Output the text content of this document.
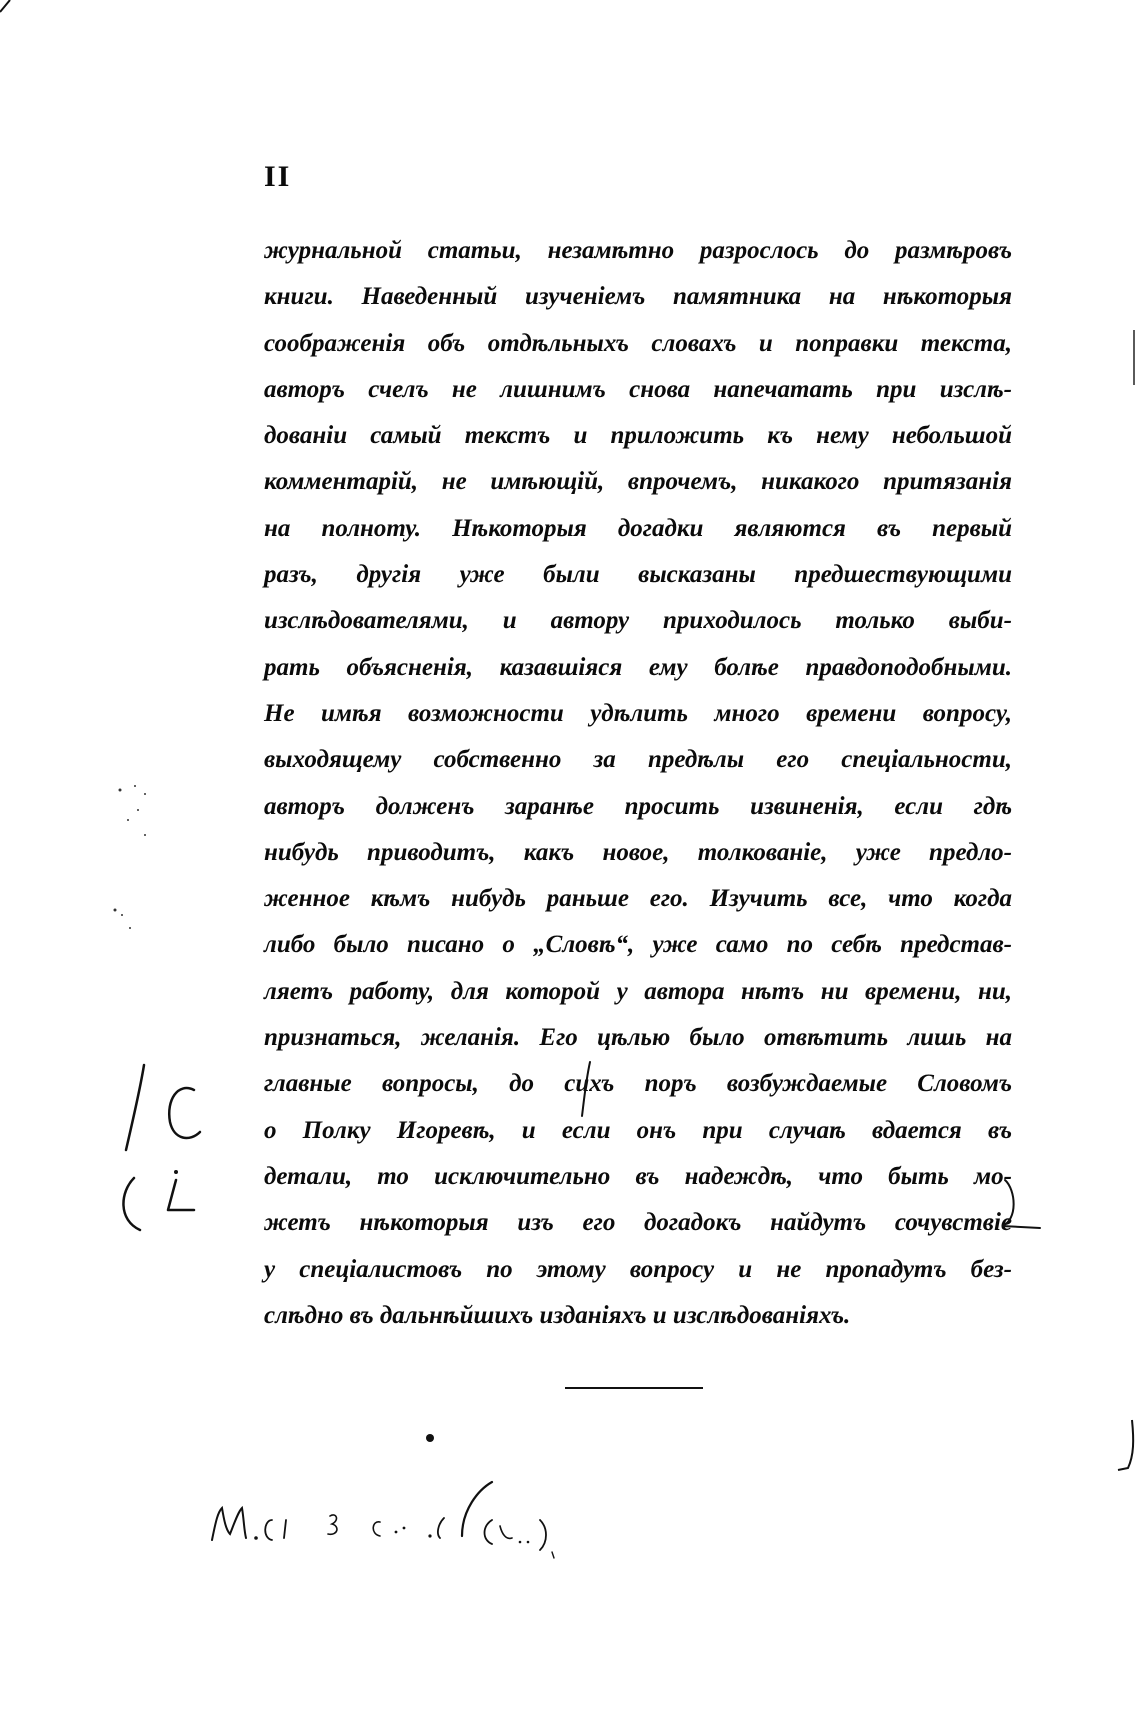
II
журнальной статьи, незамѣтно разрослось до размѣровъ
книги. Наведенный изученіемъ памятника на нѣкоторыя
соображенія объ отдѣльныхъ словахъ и поправки текста,
авторъ счелъ не лишнимъ снова напечатать при изслѣ-
дованіи самый текстъ и приложить къ нему небольшой
комментарій, не имѣющій, впрочемъ, никакого притязанія
на полноту. Нѣкоторыя догадки являются въ первый
разъ, другія уже были высказаны предшествующими
изслѣдователями, и автору приходилось только выби-
рать объясненія, казавшіяся ему болѣе правдоподобными.
Не имѣя возможности удѣлить много времени вопросу,
выходящему собственно за предѣлы его спеціальности,
авторъ долженъ заранѣе просить извиненія, если гдѣ
нибудь приводитъ, какъ новое, толкованіе, уже предло-
женное кѣмъ нибудь раньше его. Изучить все, что когда
либо было писано о „Словѣ“, уже само по себѣ представ-
ляетъ работу, для которой у автора нѣтъ ни времени, ни,
признаться, желанія. Его цѣлью было отвѣтить лишь на
главные вопросы, до сихъ поръ возбуждаемые Словомъ
о Полку Игоревѣ, и если онъ при случаѣ вдается въ
детали, то исключительно въ надеждѣ, что быть мо-
жетъ нѣкоторыя изъ его догадокъ найдутъ сочувствіе
у спеціалистовъ по этому вопросу и не пропадутъ без-
слѣдно въ дальнѣйшихъ изданіяхъ и изслѣдованіяхъ.
